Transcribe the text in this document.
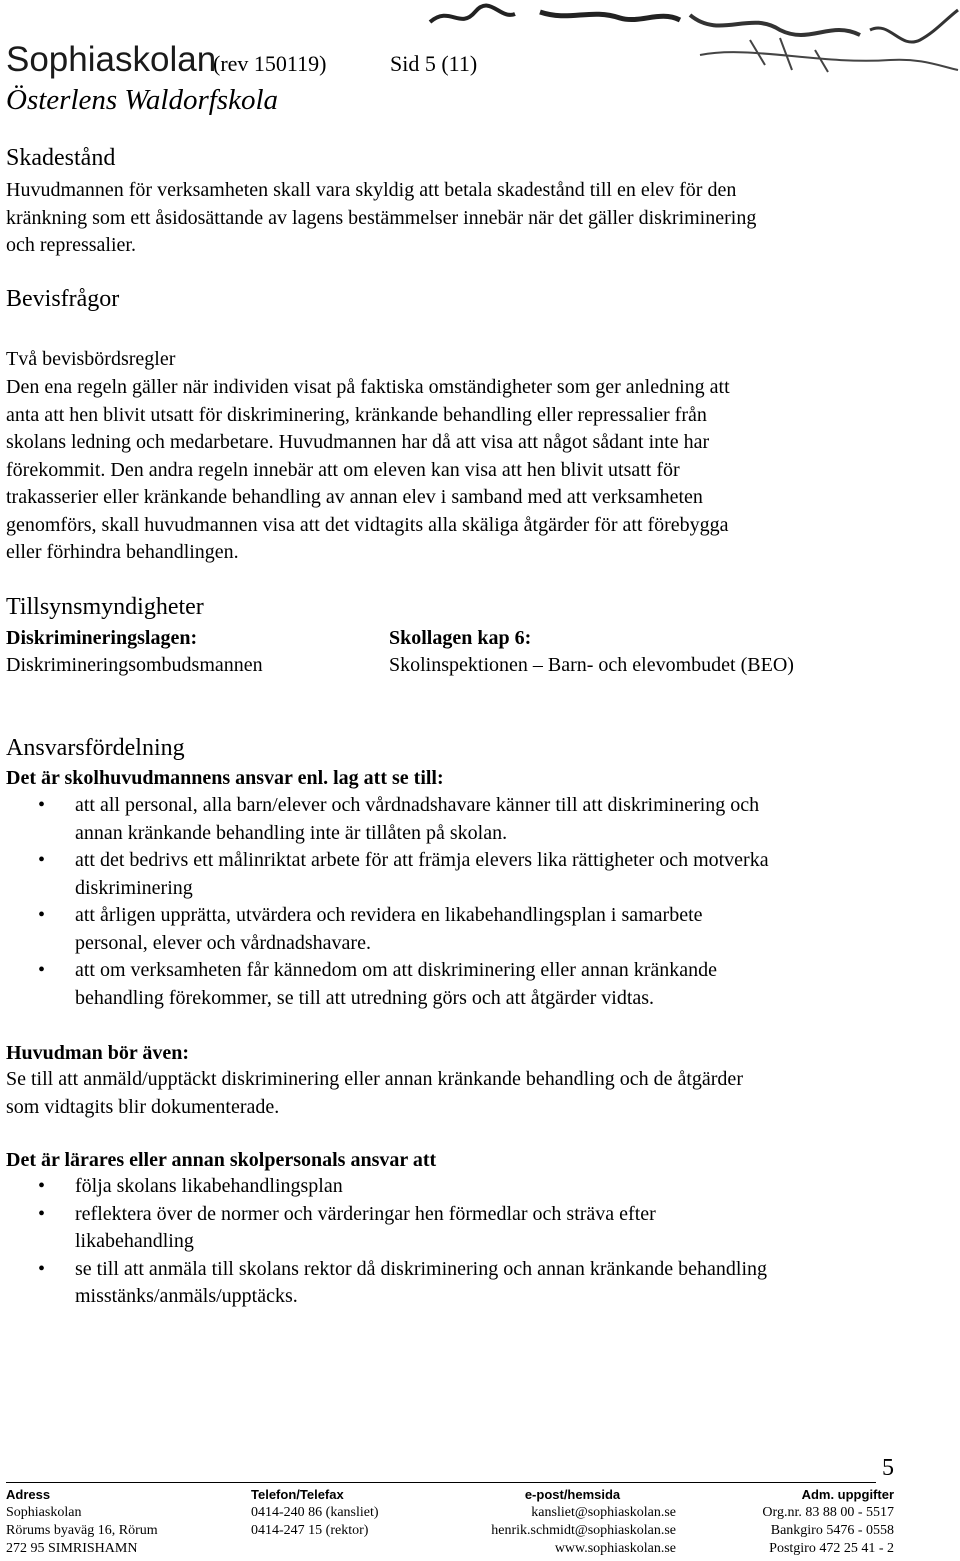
Sophiaskolan
(rev 150119)	Sid 5 (11)
Österlens Waldorfskola
Skadestånd
Huvudmannen för verksamheten skall vara skyldig att betala skadestånd till en elev för den
kränkning som ett åsidosättande av lagens bestämmelser innebär när det gäller diskriminering
och repressalier.
Bevisfrågor
Två bevisbördsregler
Den ena regeln gäller när individen visat på faktiska omständigheter som ger anledning att
anta att hen blivit utsatt för diskriminering, kränkande behandling eller repressalier från
skolans ledning och medarbetare. Huvudmannen har då att visa att något sådant inte har
förekommit. Den andra regeln innebär att om eleven kan visa att hen blivit utsatt för
trakasserier eller kränkande behandling av annan elev i samband med att verksamheten
genomförs, skall huvudmannen visa att det vidtagits alla skäliga åtgärder för att förebygga
eller förhindra behandlingen.
Tillsynsmyndigheter
Diskrimineringslagen:
Diskrimineringsombudsmannen
Skollagen kap 6:
Skolinspektionen – Barn- och elevombudet (BEO)
Ansvarsfördelning
Det är skolhuvudmannens ansvar enl. lag att se till:
• att all personal, alla barn/elever och vårdnadshavare känner till att diskriminering och
annan kränkande behandling inte är tillåten på skolan.
• att det bedrivs ett målinriktat arbete för att främja elevers lika rättigheter och motverka
diskriminering
• att årligen upprätta, utvärdera och revidera en likabehandlingsplan i samarbete
personal, elever och vårdnadshavare.
• att om verksamheten får kännedom om att diskriminering eller annan kränkande
behandling förekommer, se till att utredning görs och att åtgärder vidtas.
Huvudman bör även:
Se till att anmäld/upptäckt diskriminering eller annan kränkande behandling och de åtgärder
som vidtagits blir dokumenterade.
Det är lärares eller annan skolpersonals ansvar att
• följa skolans likabehandlingsplan
• reflektera över de normer och värderingar hen förmedlar och sträva efter
likabehandling
• se till att anmäla till skolans rektor då diskriminering och annan kränkande behandling
misstänks/anmäls/upptäcks.
5
Adress
Sophiaskolan
Rörums byaväg 16, Rörum
272 95 SIMRISHAMN
Telefon/Telefax
0414-240 86 (kansliet)
0414-247 15 (rektor)
e-post/hemsida
kansliet@sophiaskolan.se
henrik.schmidt@sophiaskolan.se
www.sophiaskolan.se
Adm. uppgifter
Org.nr. 83 88 00 - 5517
Bankgiro 5476 - 0558
Postgiro 472 25 41 - 2
